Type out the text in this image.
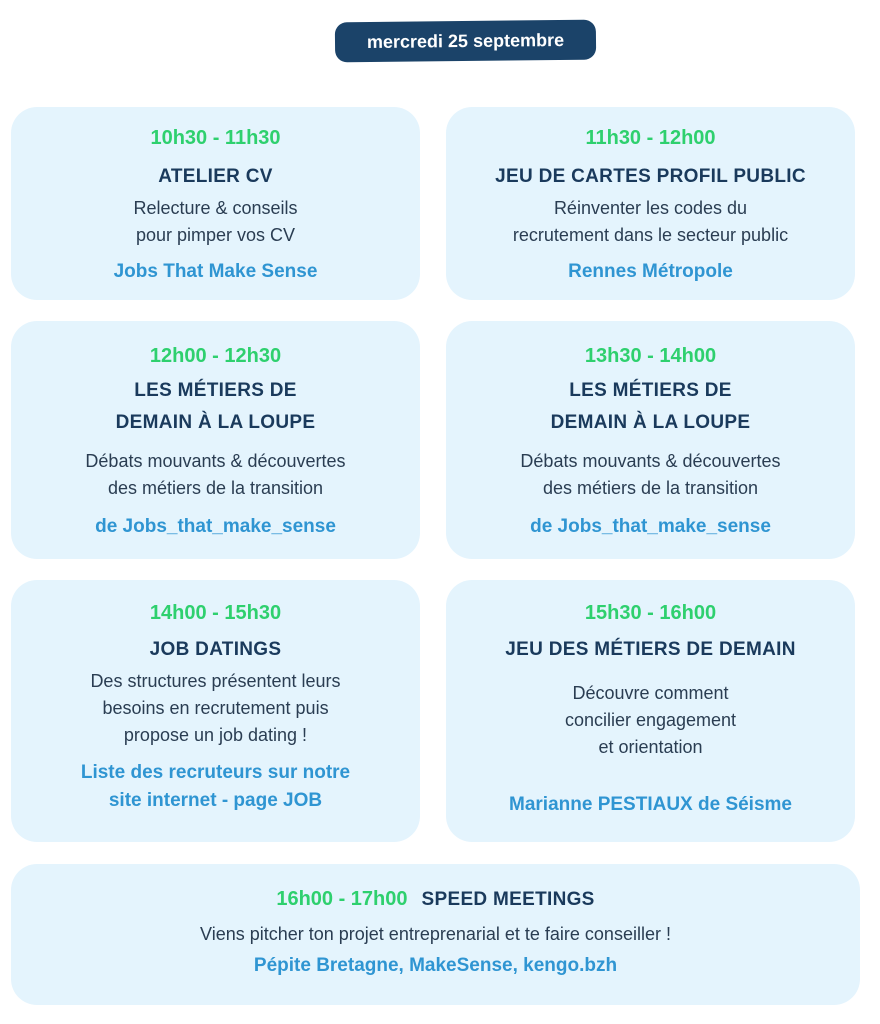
mercredi 25 septembre
10h30 - 11h30
ATELIER CV
Relecture & conseils
pour pimper vos CV
Jobs That Make Sense
11h30 - 12h00
JEU DE CARTES PROFIL PUBLIC
Réinventer les codes du
recrutement dans le secteur public
Rennes Métropole
12h00 - 12h30
LES MÉTIERS DE
DEMAIN À LA LOUPE
Débats mouvants & découvertes
des métiers de la transition
de Jobs_that_make_sense
13h30 - 14h00
LES MÉTIERS DE
DEMAIN À LA LOUPE
Débats mouvants & découvertes
des métiers de la transition
de Jobs_that_make_sense
14h00 - 15h30
JOB DATINGS
Des structures présentent leurs
besoins en recrutement puis
propose un job dating !
Liste des recruteurs sur notre
site internet - page JOB
15h30 - 16h00
JEU DES MÉTIERS DE DEMAIN
Découvre comment
concilier engagement
et orientation
Marianne PESTIAUX de Séisme
16h00 - 17h00 SPEED MEETINGS
Viens pitcher ton projet entreprenarial et te faire conseiller !
Pépite Bretagne, MakeSense, kengo.bzh
